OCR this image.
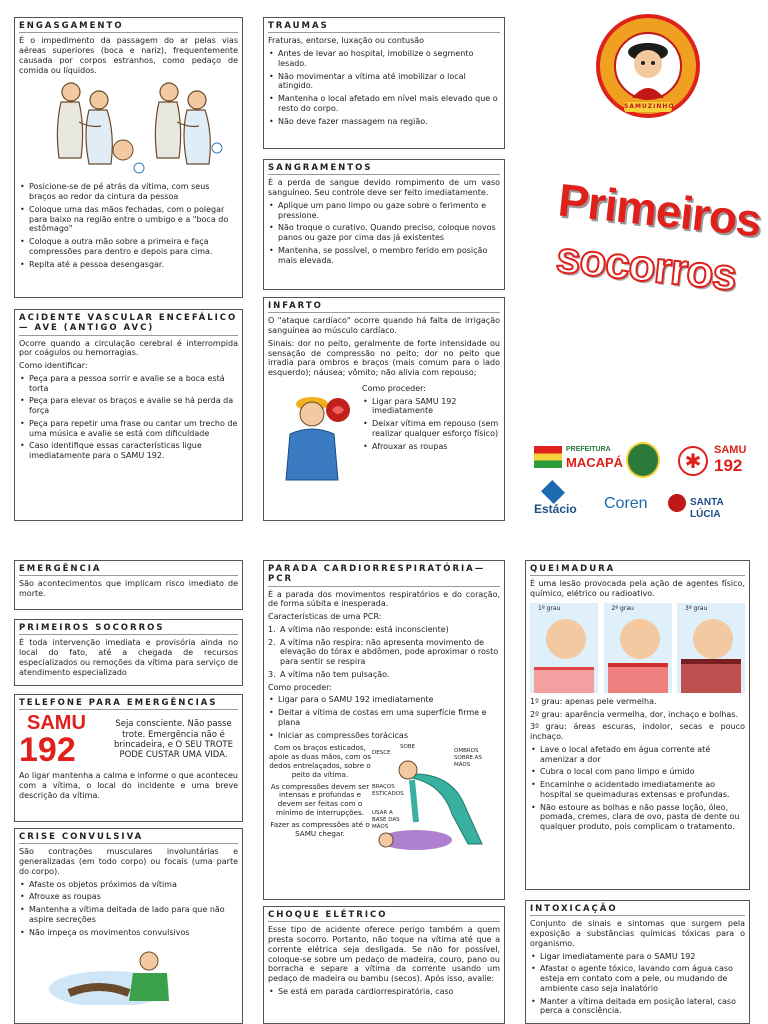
ENGASGAMENTO

É o impedimento da passagem do ar pelas vias aéreas superiores (boca e nariz), frequentemente causada por corpos estranhos, como pedaço de comida ou líquidos.

• Posicione-se de pé atrás da vítima, com seus braços ao redor da cintura da pessoa
• Coloque uma das mãos fechadas, com o polegar para baixo na região entre o umbigo e a "boca do estômago"
• Coloque a outra mão sobre a primeira e faça compressões para dentro e depois para cima.
• Repita até a pessoa desengasgar.
ACIDENTE VASCULAR ENCEFÁLICO — AVE (ANTIGO AVC)

Ocorre quando a circulação cerebral é interrompida por coágulos ou hemorragias.

Como identificar:

• Peça para a pessoa sorrir e avalie se a boca está torta
• Peça para elevar os braços e avalie se há perda da força
• Peça para repetir uma frase ou cantar um trecho de uma música e avalie se está com dificuldade
• Caso identifique essas características ligue imediatamente para o SAMU 192.
TRAUMAS

Fraturas, entorse, luxação ou contusão

• Antes de levar ao hospital, imobilize o segmento lesado.
• Não movimentar a vítima até imobilizar o local atingido.
• Mantenha o local afetado em nível mais elevado que o resto do corpo.
• Não deve fazer massagem na região.
SANGRAMENTOS

É a perda de sangue devido rompimento de um vaso sanguíneo. Seu controle deve ser feito imediatamente.

• Aplique um pano limpo ou gaze sobre o ferimento e pressione.
• Não troque o curativo. Quando preciso, coloque novos panos ou gaze por cima das já existentes
• Mantenha, se possível, o membro ferido em posição mais elevada.
INFARTO

O "ataque cardíaco" ocorre quando há falta de irrigação sanguínea ao músculo cardíaco.

Sinais: dor no peito, geralmente de forte intensidade ou sensação de compressão no peito; dor no peito que irradia para ombros e braços (mais comum para o lado esquerdo); náusea; vômito; não alivia com repouso;

Como proceder:

• Ligar para SAMU 192 imediatamente
• Deixar vítima em repouso (sem realizar qualquer esforço físico)
• Afrouxar as roupas
SAMUZINHO
Primeiros
socorros
PREFEITURA
MACAPÁ	✱	SAMU
192
Estácio Coren	SANTA LÚCIA
EMERGÊNCIA

São acontecimentos que implicam risco imediato de morte.

PRIMEIROS SOCORROS

É toda intervenção imediata e provisória ainda no local do fato, até a chegada de recursos especializados ou remoções da vítima para serviço de atendimento especializado

TELEFONE PARA EMERGÊNCIAS
SAMU
192

Seja consciente. Não passe trote. Emergência não é brincadeira, e O SEU TROTE PODE CUSTAR UMA VIDA.

Ao ligar mantenha a calma e informe o que aconteceu com a vítima, o local do incidente e uma breve descrição da vítima.

CRISE CONVULSIVA

São contrações musculares involuntárias e generalizadas (em todo corpo) ou focais (uma parte do corpo).

• Afaste os objetos próximos da vítima
• Afrouxe as roupas
• Mantenha a vítima deitada de lado para que não aspire secreções
• Não impeça os movimentos convulsivos
PARADA CARDIORRESPIRATÓRIA—PCR

É a parada dos movimentos respiratórios e do coração, de forma súbita e inesperada.

Características de uma PCR:

1. A vítima não responde: está inconsciente)
2. A vítima não respira: não apresenta movimento de elevação do tórax e abdômen, pode aproximar o rosto para sentir se respira
3. A vítima não tem pulsação.

Como proceder:

• Ligar para o SAMU 192 imediatamente
• Deitar a vítima de costas em uma superfície firme e plana
• Iniciar as compressões torácicas

Com os braços esticados, apoie as duas mãos, com os dedos entrelaçados, sobre o peito da vítima.

As compressões devem ser intensas e profundas e devem ser feitas com o mínimo de interrupções.

Fazer as compressões até o SAMU chegar.

DESCE
SOBE
OMBROS SOBRE AS MÃOS
BRAÇOS ESTICADOS
USAR A BASE DAS MÃOS
CHOQUE ELÉTRICO

Esse tipo de acidente oferece perigo também a quem presta socorro. Portanto, não toque na vítima até que a corrente elétrica seja desligada. Se não for possível, coloque-se sobre um pedaço de madeira, couro, pano ou borracha e separe a vítima da corrente usando um pedaço de madeira ou bambu (secos). Após isso, avalie:

• Se está em parada cardiorrespiratória, caso
QUEIMADURA

É uma lesão provocada pela ação de agentes físico, químico, elétrico ou radioativo.

1º grau	2º grau	3º grau

1º grau: apenas pele vermelha.

2º grau: aparência vermelha, dor, inchaço e bolhas.

3º grau: áreas escuras, indolor, secas e pouco inchaço.

• Lave o local afetado em água corrente até amenizar a dor
• Cubra o local com pano limpo e úmido
• Encaminhe o acidentado imediatamente ao hospital se queimaduras extensas e profundas.
• Não estoure as bolhas e não passe loção, óleo, pomada, cremes, clara de ovo, pasta de dente ou qualquer produto, pois complicam o tratamento.
INTOXICAÇÃO

Conjunto de sinais e sintomas que surgem pela exposição a substâncias químicas tóxicas para o organismo.

• Ligar imediatamente para o SAMU 192
• Afastar o agente tóxico, lavando com água caso esteja em contato com a pele, ou mudando de ambiente caso seja inalatório
• Manter a vítima deitada em posição lateral, caso perca a consciência.
